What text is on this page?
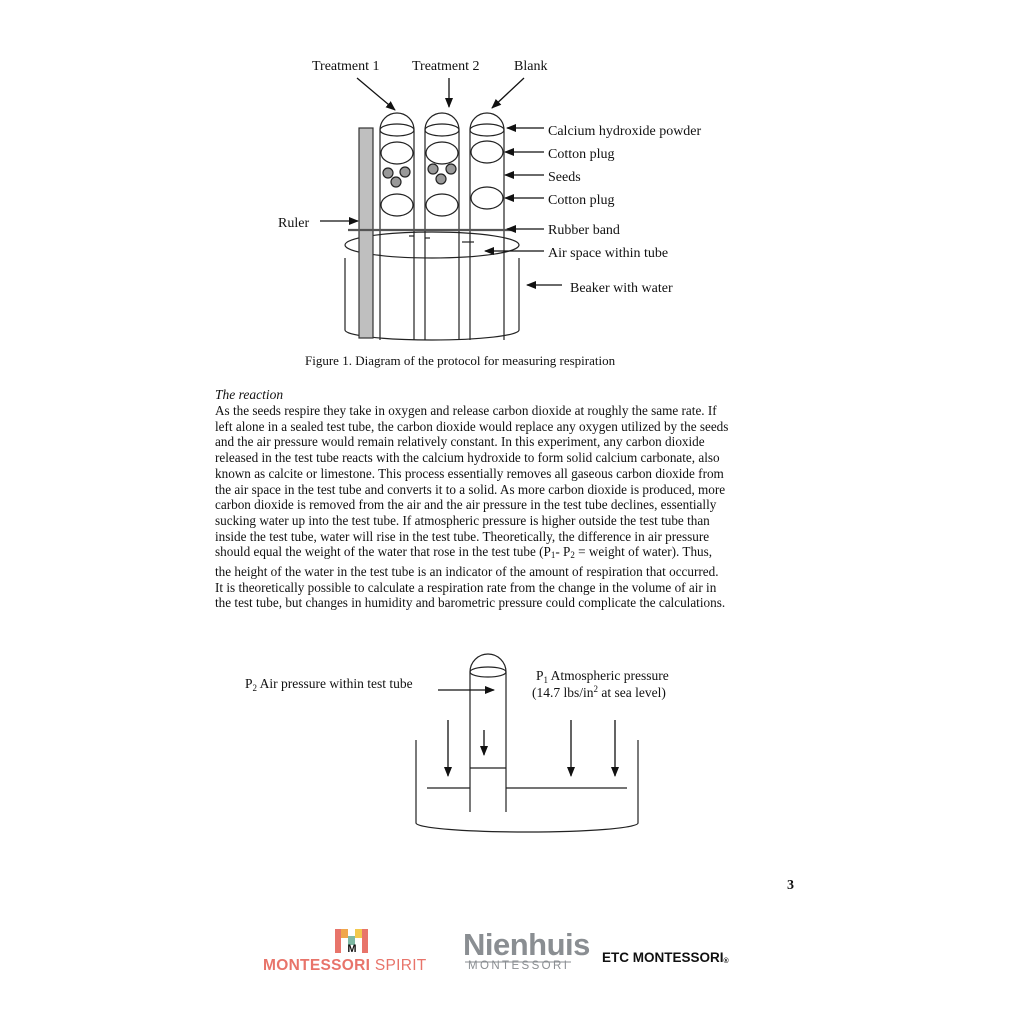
Treatment 1 Treatment 2 Blank
Ruler
Calcium hydroxide powder
Cotton plug
Seeds
Cotton plug
Rubber band
Air space within tube
Beaker with water
Figure 1. Diagram of the protocol for measuring respiration
The reaction
As the seeds respire they take in oxygen and release carbon dioxide at roughly the same rate. If
left alone in a sealed test tube, the carbon dioxide would replace any oxygen utilized by the seeds
and the air pressure would remain relatively constant. In this experiment, any carbon dioxide
released in the test tube reacts with the calcium hydroxide to form solid calcium carbonate, also
known as calcite or limestone. This process essentially removes all gaseous carbon dioxide from
the air space in the test tube and converts it to a solid. As more carbon dioxide is produced, more
carbon dioxide is removed from the air and the air pressure in the test tube declines, essentially
sucking water up into the test tube. If atmospheric pressure is higher outside the test tube than
inside the test tube, water will rise in the test tube. Theoretically, the difference in air pressure
should equal the weight of the water that rose in the test tube ($P_1-$ $P_2$ = weight of water). Thus,
the height of the water in the test tube is an indicator of the amount of respiration that occurred.
It is theoretically possible to calculate a respiration rate from the change in the volume of air in
the test tube, but changes in humidity and barometric pressure could complicate the calculations.
$P_2$ Air pressure within test tube
$P_1$ Atmospheric pressure
(14.7 lbs/$in^2$ at sea level)
3
M
MONTESSORI SPIRIT
Nienhuis
MONTESSORI
ETC MONTESSORI®
